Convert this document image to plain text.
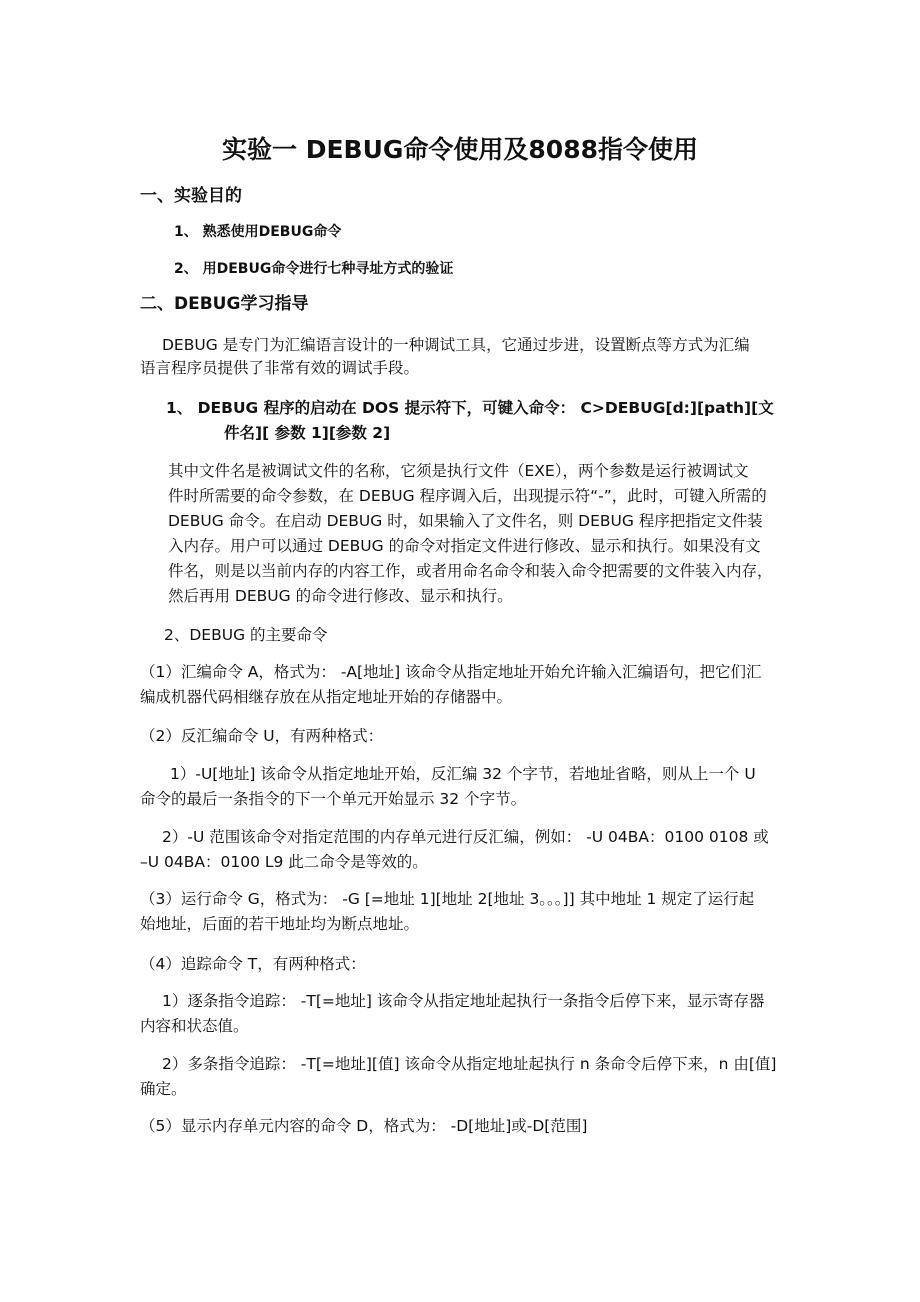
实验一 DEBUG命令使用及8088指令使用
一、实验目的
1、 熟悉使用DEBUG命令
2、 用DEBUG命令进行七种寻址方式的验证
二、DEBUG学习指导
DEBUG 是专门为汇编语言设计的一种调试工具，它通过步进，设置断点等方式为汇编
语言程序员提供了非常有效的调试手段。
1、 DEBUG 程序的启动在 DOS 提示符下，可键入命令： C>DEBUG[d:][path][文
件名][ 参数 1][参数 2]
其中文件名是被调试文件的名称，它须是执行文件（EXE），两个参数是运行被调试文
件时所需要的命令参数，在 DEBUG 程序调入后，出现提示符“-”，此时，可键入所需的
DEBUG 命令。在启动 DEBUG 时，如果输入了文件名，则 DEBUG 程序把指定文件装
入内存。用户可以通过 DEBUG 的命令对指定文件进行修改、显示和执行。如果没有文
件名，则是以当前内存的内容工作，或者用命名命令和装入命令把需要的文件装入内存，
然后再用 DEBUG 的命令进行修改、显示和执行。
2、DEBUG 的主要命令
（1）汇编命令 A，格式为： -A[地址] 该命令从指定地址开始允许输入汇编语句，把它们汇
编成机器代码相继存放在从指定地址开始的存储器中。
（2）反汇编命令 U，有两种格式：
1）-U[地址] 该命令从指定地址开始，反汇编 32 个字节，若地址省略，则从上一个 U
命令的最后一条指令的下一个单元开始显示 32 个字节。
2）-U 范围该命令对指定范围的内存单元进行反汇编，例如： -U 04BA：0100 0108 或
–U 04BA：0100 L9 此二命令是等效的。
（3）运行命令 G，格式为： -G [=地址 1][地址 2[地址 3。。。]] 其中地址 1 规定了运行起
始地址，后面的若干地址均为断点地址。
（4）追踪命令 T，有两种格式：
1）逐条指令追踪： -T[=地址] 该命令从指定地址起执行一条指令后停下来，显示寄存器
内容和状态值。
2）多条指令追踪： -T[=地址][值] 该命令从指定地址起执行 n 条命令后停下来，n 由[值]
确定。
（5）显示内存单元内容的命令 D，格式为： -D[地址]或-D[范围]
